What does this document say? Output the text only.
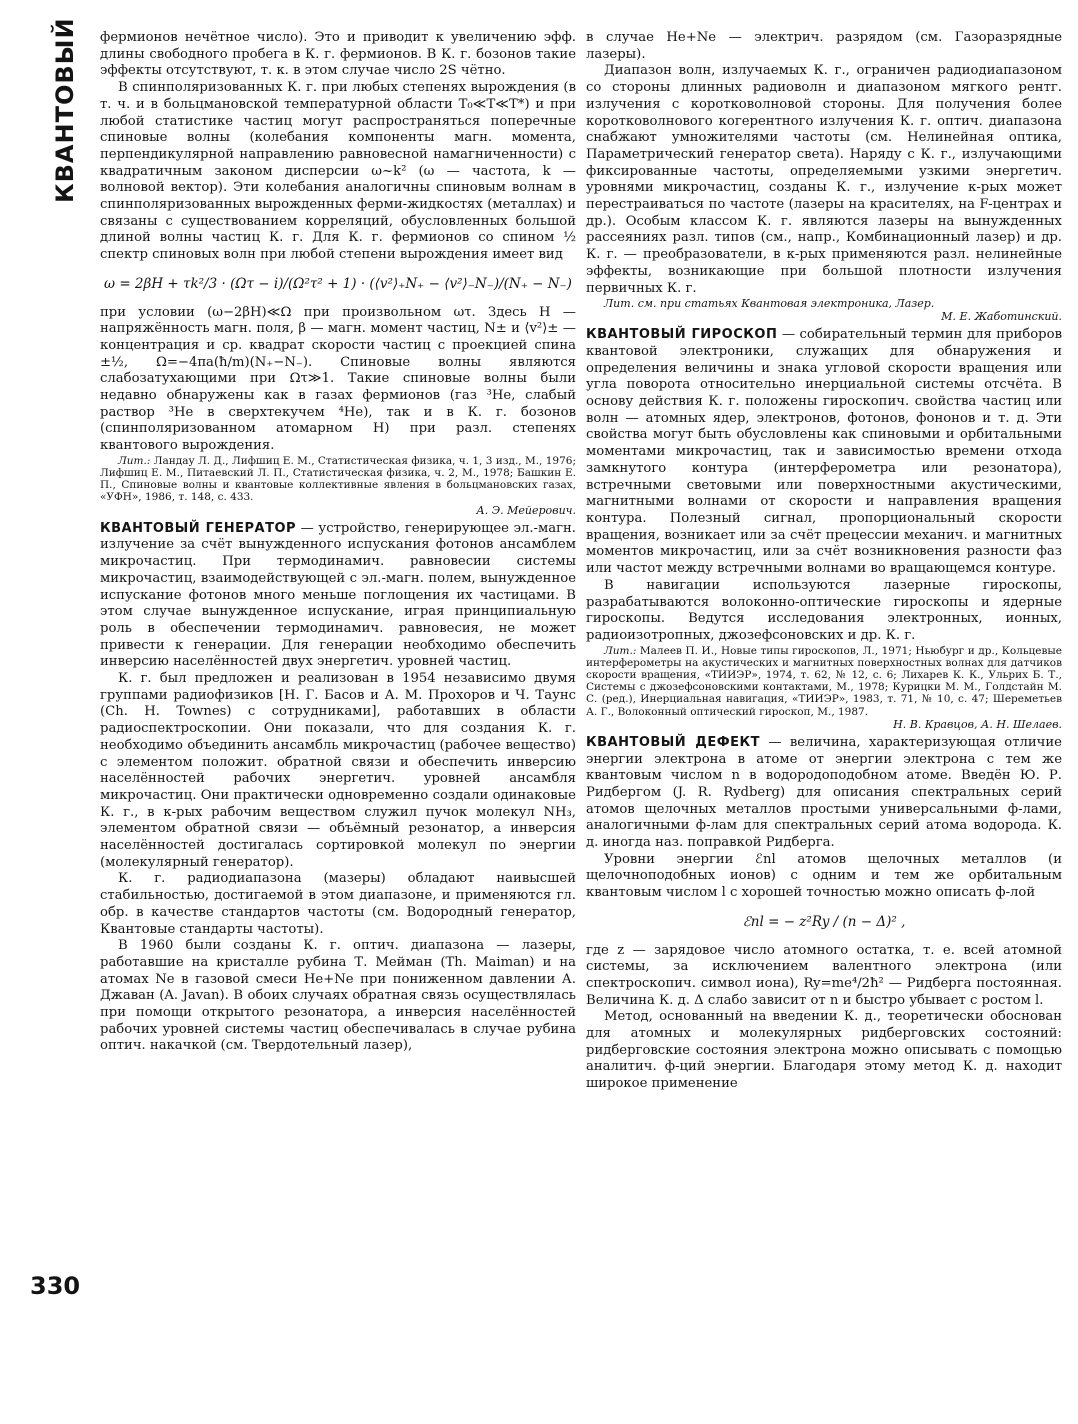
КВАНТОВЫЙ
330

фермионов нечётное число). Это и приводит к увеличению эфф. длины свободного пробега в К. г. фермионов. В К. г. бозонов такие эффекты отсутствуют, т. к. в этом случае число 2S чётно.

В спинполяризованных К. г. при любых степенях вырождения (в т. ч. и в больцмановской температурной области T₀≪T≪T*) и при любой статистике частиц могут распространяться поперечные спиновые волны (колебания компоненты магн. момента, перпендикулярной направлению равновесной намагниченности) с квадратичным законом дисперсии ω~k² (ω — частота, k — волновой вектор). Эти колебания аналогичны спиновым волнам в спинполяризованных вырожденных ферми-жидкостях (металлах) и связаны с существованием корреляций, обусловленных большой длиной волны частиц К. г. Для К. г. фермионов со спином ½ спектр спиновых волн при любой степени вырождения имеет вид

ω = 2βH + τk²/3 · (Ωτ − i)/(Ω²τ² + 1) · (⟨v²⟩₊N₊ − ⟨v²⟩₋N₋)/(N₊ − N₋)

при условии (ω−2βH)≪Ω при произвольном ωτ. Здесь H — напряжённость магн. поля, β — магн. момент частиц, N± и ⟨v²⟩± — концентрация и ср. квадрат скорости частиц с проекцией спина ±½, Ω=−4πa(ħ/m)(N₊−N₋). Спиновые волны являются слабозатухающими при Ωτ≫1. Такие спиновые волны были недавно обнаружены как в газах фермионов (газ ³He, слабый раствор ³He в сверхтекучем ⁴He), так и в К. г. бозонов (спинполяризованном атомарном H) при разл. степенях квантового вырождения.

Лит.: Ландау Л. Д., Лифшиц Е. М., Статистическая физика, ч. 1, 3 изд., М., 1976; Лифшиц Е. М., Питаевский Л. П., Статистическая физика, ч. 2, М., 1978; Башкин Е. П., Спиновые волны и квантовые коллективные явления в больцмановских газах, «УФН», 1986, т. 148, с. 433.

А. Э. Мейерович.

КВАНТОВЫЙ ГЕНЕРАТОР — устройство, генерирующее эл.-магн. излучение за счёт вынужденного испускания фотонов ансамблем микрочастиц. При термодинамич. равновесии системы микрочастиц, взаимодействующей с эл.-магн. полем, вынужденное испускание фотонов много меньше поглощения их частицами. В этом случае вынужденное испускание, играя принципиальную роль в обеспечении термодинамич. равновесия, не может привести к генерации. Для генерации необходимо обеспечить инверсию населённостей двух энергетич. уровней частиц.

К. г. был предложен и реализован в 1954 независимо двумя группами радиофизиков [Н. Г. Басов и А. М. Прохоров и Ч. Таунс (Ch. H. Townes) с сотрудниками], работавших в области радиоспектроскопии. Они показали, что для создания К. г. необходимо объединить ансамбль микрочастиц (рабочее вещество) с элементом положит. обратной связи и обеспечить инверсию населённостей рабочих энергетич. уровней ансамбля микрочастиц. Они практически одновременно создали одинаковые К. г., в к-рых рабочим веществом служил пучок молекул NH₃, элементом обратной связи — объёмный резонатор, а инверсия населённостей достигалась сортировкой молекул по энергии (молекулярный генератор).

К. г. радиодиапазона (мазеры) обладают наивысшей стабильностью, достигаемой в этом диапазоне, и применяются гл. обр. в качестве стандартов частоты (см. Водородный генератор, Квантовые стандарты частоты).

В 1960 были созданы К. г. оптич. диапазона — лазеры, работавшие на кристалле рубина Т. Мейман (Th. Maiman) и на атомах Ne в газовой смеси He+Ne при пониженном давлении А. Джаван (A. Javan). В обоих случаях обратная связь осуществлялась при помощи открытого резонатора, а инверсия населённостей рабочих уровней системы частиц обеспечивалась в случае рубина оптич. накачкой (см. Твердотельный лазер),

в случае He+Ne — электрич. разрядом (см. Газоразрядные лазеры).

Диапазон волн, излучаемых К. г., ограничен радиодиапазоном со стороны длинных радиоволн и диапазоном мягкого рентг. излучения с коротковолновой стороны. Для получения более коротковолнового когерентного излучения К. г. оптич. диапазона снабжают умножителями частоты (см. Нелинейная оптика, Параметрический генератор света). Наряду с К. г., излучающими фиксированные частоты, определяемыми узкими энергетич. уровнями микрочастиц, созданы К. г., излучение к-рых может перестраиваться по частоте (лазеры на красителях, на F-центрах и др.). Особым классом К. г. являются лазеры на вынужденных рассеяниях разл. типов (см., напр., Комбинационный лазер) и др. К. г. — преобразователи, в к-рых применяются разл. нелинейные эффекты, возникающие при большой плотности излучения первичных К. г.

Лит. см. при статьях Квантовая электроника, Лазер.

М. Е. Жаботинский.

КВАНТОВЫЙ ГИРОСКОП — собирательный термин для приборов квантовой электроники, служащих для обнаружения и определения величины и знака угловой скорости вращения или угла поворота относительно инерциальной системы отсчёта. В основу действия К. г. положены гироскопич. свойства частиц или волн — атомных ядер, электронов, фотонов, фононов и т. д. Эти свойства могут быть обусловлены как спиновыми и орбитальными моментами микрочастиц, так и зависимостью времени отхода замкнутого контура (интерферометра или резонатора), встречными световыми или поверхностными акустическими, магнитными волнами от скорости и направления вращения контура. Полезный сигнал, пропорциональный скорости вращения, возникает или за счёт прецессии механич. и магнитных моментов микрочастиц, или за счёт возникновения разности фаз или частот между встречными волнами во вращающемся контуре.

В навигации используются лазерные гироскопы, разрабатываются волоконно-оптические гироскопы и ядерные гироскопы. Ведутся исследования электронных, ионных, радиоизотропных, джозефсоновских и др. К. г.

Лит.: Малеев П. И., Новые типы гироскопов, Л., 1971; Ньюбург и др., Кольцевые интерферометры на акустических и магнитных поверхностных волнах для датчиков скорости вращения, «ТИИЭР», 1974, т. 62, № 12, с. 6; Лихарев К. К., Ульрих Б. Т., Системы с джозефсоновскими контактами, М., 1978; Курицки М. М., Голдстайн М. С. (ред.), Инерциальная навигация, «ТИИЭР», 1983, т. 71, № 10, с. 47; Шереметьев А. Г., Волоконный оптический гироскоп, М., 1987.

Н. В. Кравцов, А. Н. Шелаев.

КВАНТОВЫЙ ДЕФЕКТ — величина, характеризующая отличие энергии электрона в атоме от энергии электрона с тем же квантовым числом n в водородоподобном атоме. Введён Ю. Р. Ридбергом (J. R. Rydberg) для описания спектральных серий атомов щелочных металлов простыми универсальными ф-лами, аналогичными ф-лам для спектральных серий атома водорода. К. д. иногда наз. поправкой Ридберга.

Уровни энергии ℰnl атомов щелочных металлов (и щелочноподобных ионов) с одним и тем же орбитальным квантовым числом l с хорошей точностью можно описать ф-лой

ℰnl = − z²Ry / (n − Δ)² ,

где z — зарядовое число атомного остатка, т. е. всей атомной системы, за исключением валентного электрона (или спектроскопич. символ иона), Ry=me⁴/2ħ² — Ридберга постоянная. Величина К. д. Δ слабо зависит от n и быстро убывает с ростом l.

Метод, основанный на введении К. д., теоретически обоснован для атомных и молекулярных ридберговских состояний: ридберговские состояния электрона можно описывать с помощью аналитич. ф-ций энергии. Благодаря этому метод К. д. находит широкое применение
